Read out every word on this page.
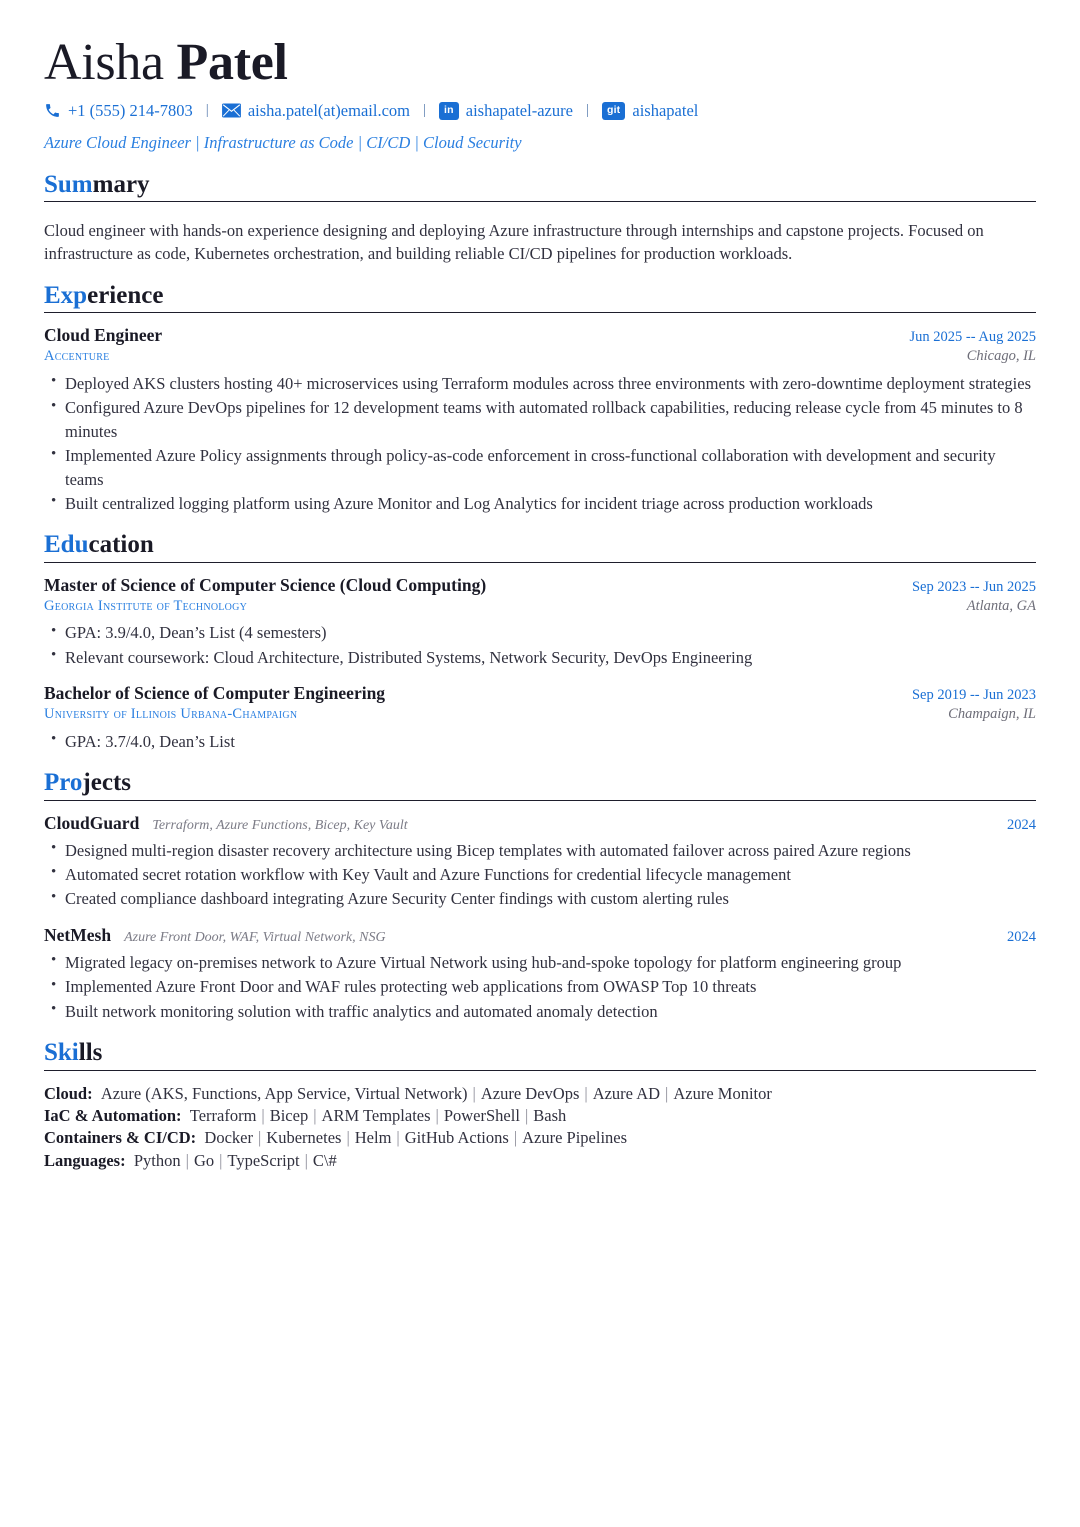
Aisha Patel
+1 (555) 214-7803 | aisha.patel(at)email.com |	in aishapatel-azure |	git aishapatel
Azure Cloud Engineer | Infrastructure as Code | CI/CD | Cloud Security
Summary

Cloud engineer with hands-on experience designing and deploying Azure infrastructure through internships and capstone projects. Focused on infrastructure as code, Kubernetes orchestration, and building reliable CI/CD pipelines for production workloads.

Experience
Cloud Engineer	Jun 2025 -- Aug 2025
Accenture	Chicago, IL
• Deployed AKS clusters hosting 40+ microservices using Terraform modules across three environments with zero-downtime deployment strategies
• Configured Azure DevOps pipelines for 12 development teams with automated rollback capabilities, reducing release cycle from 45 minutes to 8 minutes
• Implemented Azure Policy assignments through policy-as-code enforcement in cross-functional collaboration with development and security teams
• Built centralized logging platform using Azure Monitor and Log Analytics for incident triage across production workloads
Education
Master of Science of Computer Science (Cloud Computing)	Sep 2023 -- Jun 2025
Georgia Institute of Technology	Atlanta, GA
• GPA: 3.9/4.0, Dean’s List (4 semesters)
• Relevant coursework: Cloud Architecture, Distributed Systems, Network Security, DevOps Engineering
Bachelor of Science of Computer Engineering	Sep 2019 -- Jun 2023
University of Illinois Urbana-Champaign	Champaign, IL
• GPA: 3.7/4.0, Dean’s List
Projects
CloudGuard Terraform, Azure Functions, Bicep, Key Vault	2024
• Designed multi-region disaster recovery architecture using Bicep templates with automated failover across paired Azure regions
• Automated secret rotation workflow with Key Vault and Azure Functions for credential lifecycle management
• Created compliance dashboard integrating Azure Security Center findings with custom alerting rules
NetMesh Azure Front Door, WAF, Virtual Network, NSG	2024
• Migrated legacy on-premises network to Azure Virtual Network using hub-and-spoke topology for platform engineering group
• Implemented Azure Front Door and WAF rules protecting web applications from OWASP Top 10 threats
• Built network monitoring solution with traffic analytics and automated anomaly detection
Skills
Cloud: Azure (AKS, Functions, App Service, Virtual Network) | Azure DevOps | Azure AD | Azure Monitor
IaC & Automation: Terraform | Bicep | ARM Templates | PowerShell | Bash
Containers & CI/CD: Docker | Kubernetes | Helm | GitHub Actions | Azure Pipelines
Languages: Python | Go | TypeScript | C\#
